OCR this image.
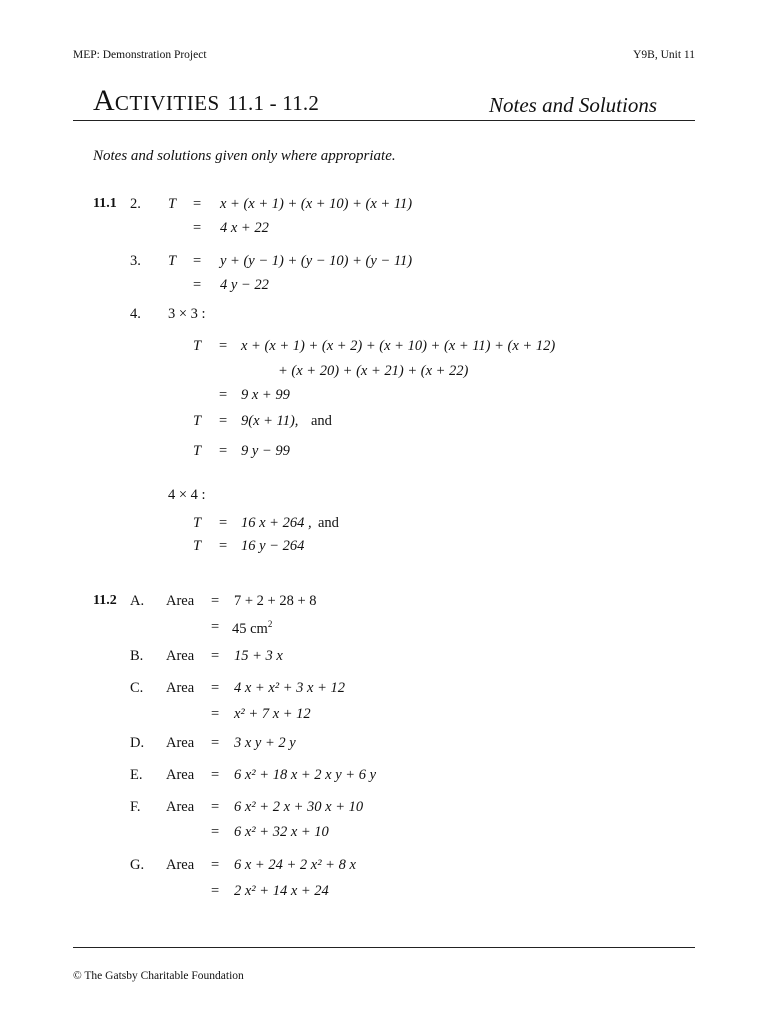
MEP: Demonstration Project	Y9B, Unit 11
ACTIVITIES 11.1 - 11.2	Notes and Solutions
Notes and solutions given only where appropriate.
11.1 2. T = x + (x + 1) + (x + 10) + (x + 11)
= 4 x + 22
3. T = y + (y − 1) + (y − 10) + (y − 11)
= 4 y − 22
4. 3 × 3 :
T = x + (x + 1) + (x + 2) + (x + 10) + (x + 11) + (x + 12)
+ (x + 20) + (x + 21) + (x + 22)
= 9 x + 99
T = 9(x + 11), and
T = 9 y − 99
4 × 4 :
T = 16 x + 264 , and
T = 16 y − 264
11.2 A. Area = 7 + 2 + 28 + 8
= 45 $cm^2$
B. Area = 15 + 3 x
C. Area = 4 x + x² + 3 x + 12
= x² + 7 x + 12
D. Area = 3 x y + 2 y
E. Area = 6 x² + 18 x + 2 x y + 6 y
F. Area = 6 x² + 2 x + 30 x + 10
= 6 x² + 32 x + 10
G. Area = 6 x + 24 + 2 x² + 8 x
= 2 x² + 14 x + 24
© The Gatsby Charitable Foundation
